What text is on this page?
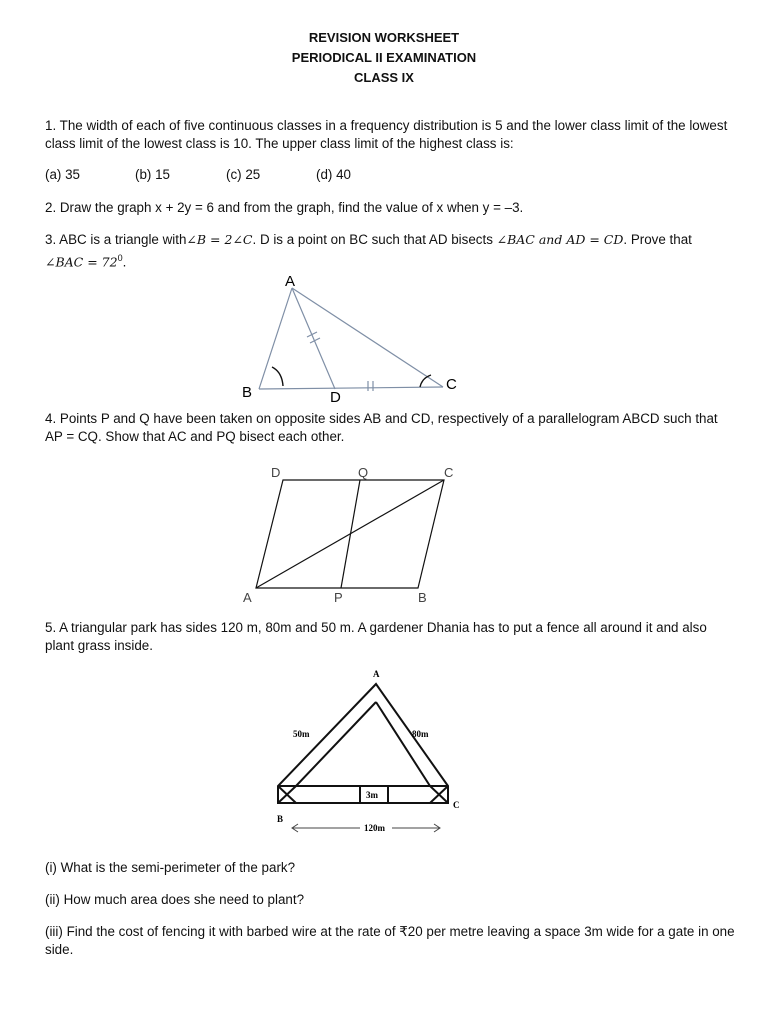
REVISION WORKSHEET
PERIODICAL II EXAMINATION
CLASS IX

1. The width of each of five continuous classes in a frequency distribution is 5 and the lower class limit of the lowest class limit of the lowest class is 10. The upper class limit of the highest class is:

(a) 35	(b) 15	(c) 25	(d) 40

2. Draw the graph x + 2y = 6 and from the graph, find the value of x when y = –3.

3. ABC is a triangle with∠B = 2∠C. D is a point on BC such that AD bisects ∠BAC and AD = CD. Prove that
∠BAC = $72^0$.

A
B	C
D

4. Points P and Q have been taken on opposite sides AB and CD, respectively of a parallelogram ABCD such that AP = CQ. Show that AC and PQ bisect each other.

D	Q	C
A	P	B

5. A triangular park has sides 120 m, 80m and 50 m. A gardener Dhania has to put a fence all around it and also plant grass inside.

A
B
C
50m	80m
3m
120m

(i) What is the semi-perimeter of the park?

(ii) How much area does she need to plant?

(iii) Find the cost of fencing it with barbed wire at the rate of ₹20 per metre leaving a space 3m wide for a gate in one side.
